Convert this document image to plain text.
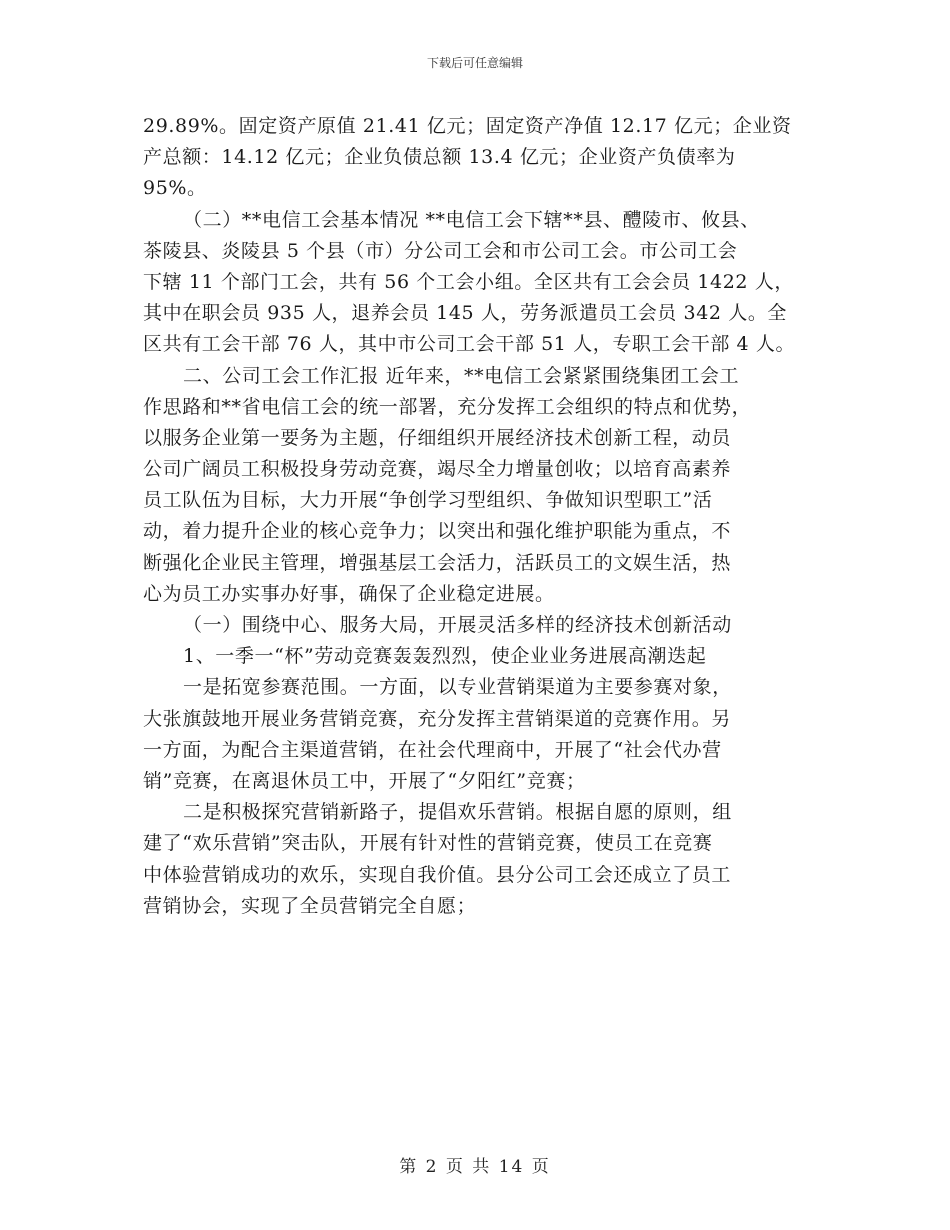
下载后可任意编辑
29.89%。固定资产原值 21.41 亿元；固定资产净值 12.17 亿元；企业资
产总额：14.12 亿元；企业负债总额 13.4 亿元；企业资产负债率为
95%。
（二）**电信工会基本情况 **电信工会下辖**县、醴陵市、攸县、
茶陵县、炎陵县 5 个县（市）分公司工会和市公司工会。市公司工会
下辖 11 个部门工会，共有 56 个工会小组。全区共有工会会员 1422 人，
其中在职会员 935 人，退养会员 145 人，劳务派遣员工会员 342 人。全
区共有工会干部 76 人，其中市公司工会干部 51 人，专职工会干部 4 人。
二、公司工会工作汇报 近年来，**电信工会紧紧围绕集团工会工
作思路和**省电信工会的统一部署，充分发挥工会组织的特点和优势，
以服务企业第一要务为主题，仔细组织开展经济技术创新工程，动员
公司广阔员工积极投身劳动竞赛，竭尽全力增量创收；以培育高素养
员工队伍为目标，大力开展“争创学习型组织、争做知识型职工”活
动，着力提升企业的核心竞争力；以突出和强化维护职能为重点，不
断强化企业民主管理，增强基层工会活力，活跃员工的文娱生活，热
心为员工办实事办好事，确保了企业稳定进展。
（一）围绕中心、服务大局，开展灵活多样的经济技术创新活动
1、一季一“杯”劳动竞赛轰轰烈烈，使企业业务进展高潮迭起
一是拓宽参赛范围。一方面，以专业营销渠道为主要参赛对象，
大张旗鼓地开展业务营销竞赛，充分发挥主营销渠道的竞赛作用。另
一方面，为配合主渠道营销，在社会代理商中，开展了“社会代办营
销”竞赛，在离退休员工中，开展了“夕阳红”竞赛；
二是积极探究营销新路子，提倡欢乐营销。根据自愿的原则，组
建了“欢乐营销”突击队，开展有针对性的营销竞赛，使员工在竞赛
中体验营销成功的欢乐，实现自我价值。县分公司工会还成立了员工
营销协会，实现了全员营销完全自愿；
第 2 页 共 14 页
